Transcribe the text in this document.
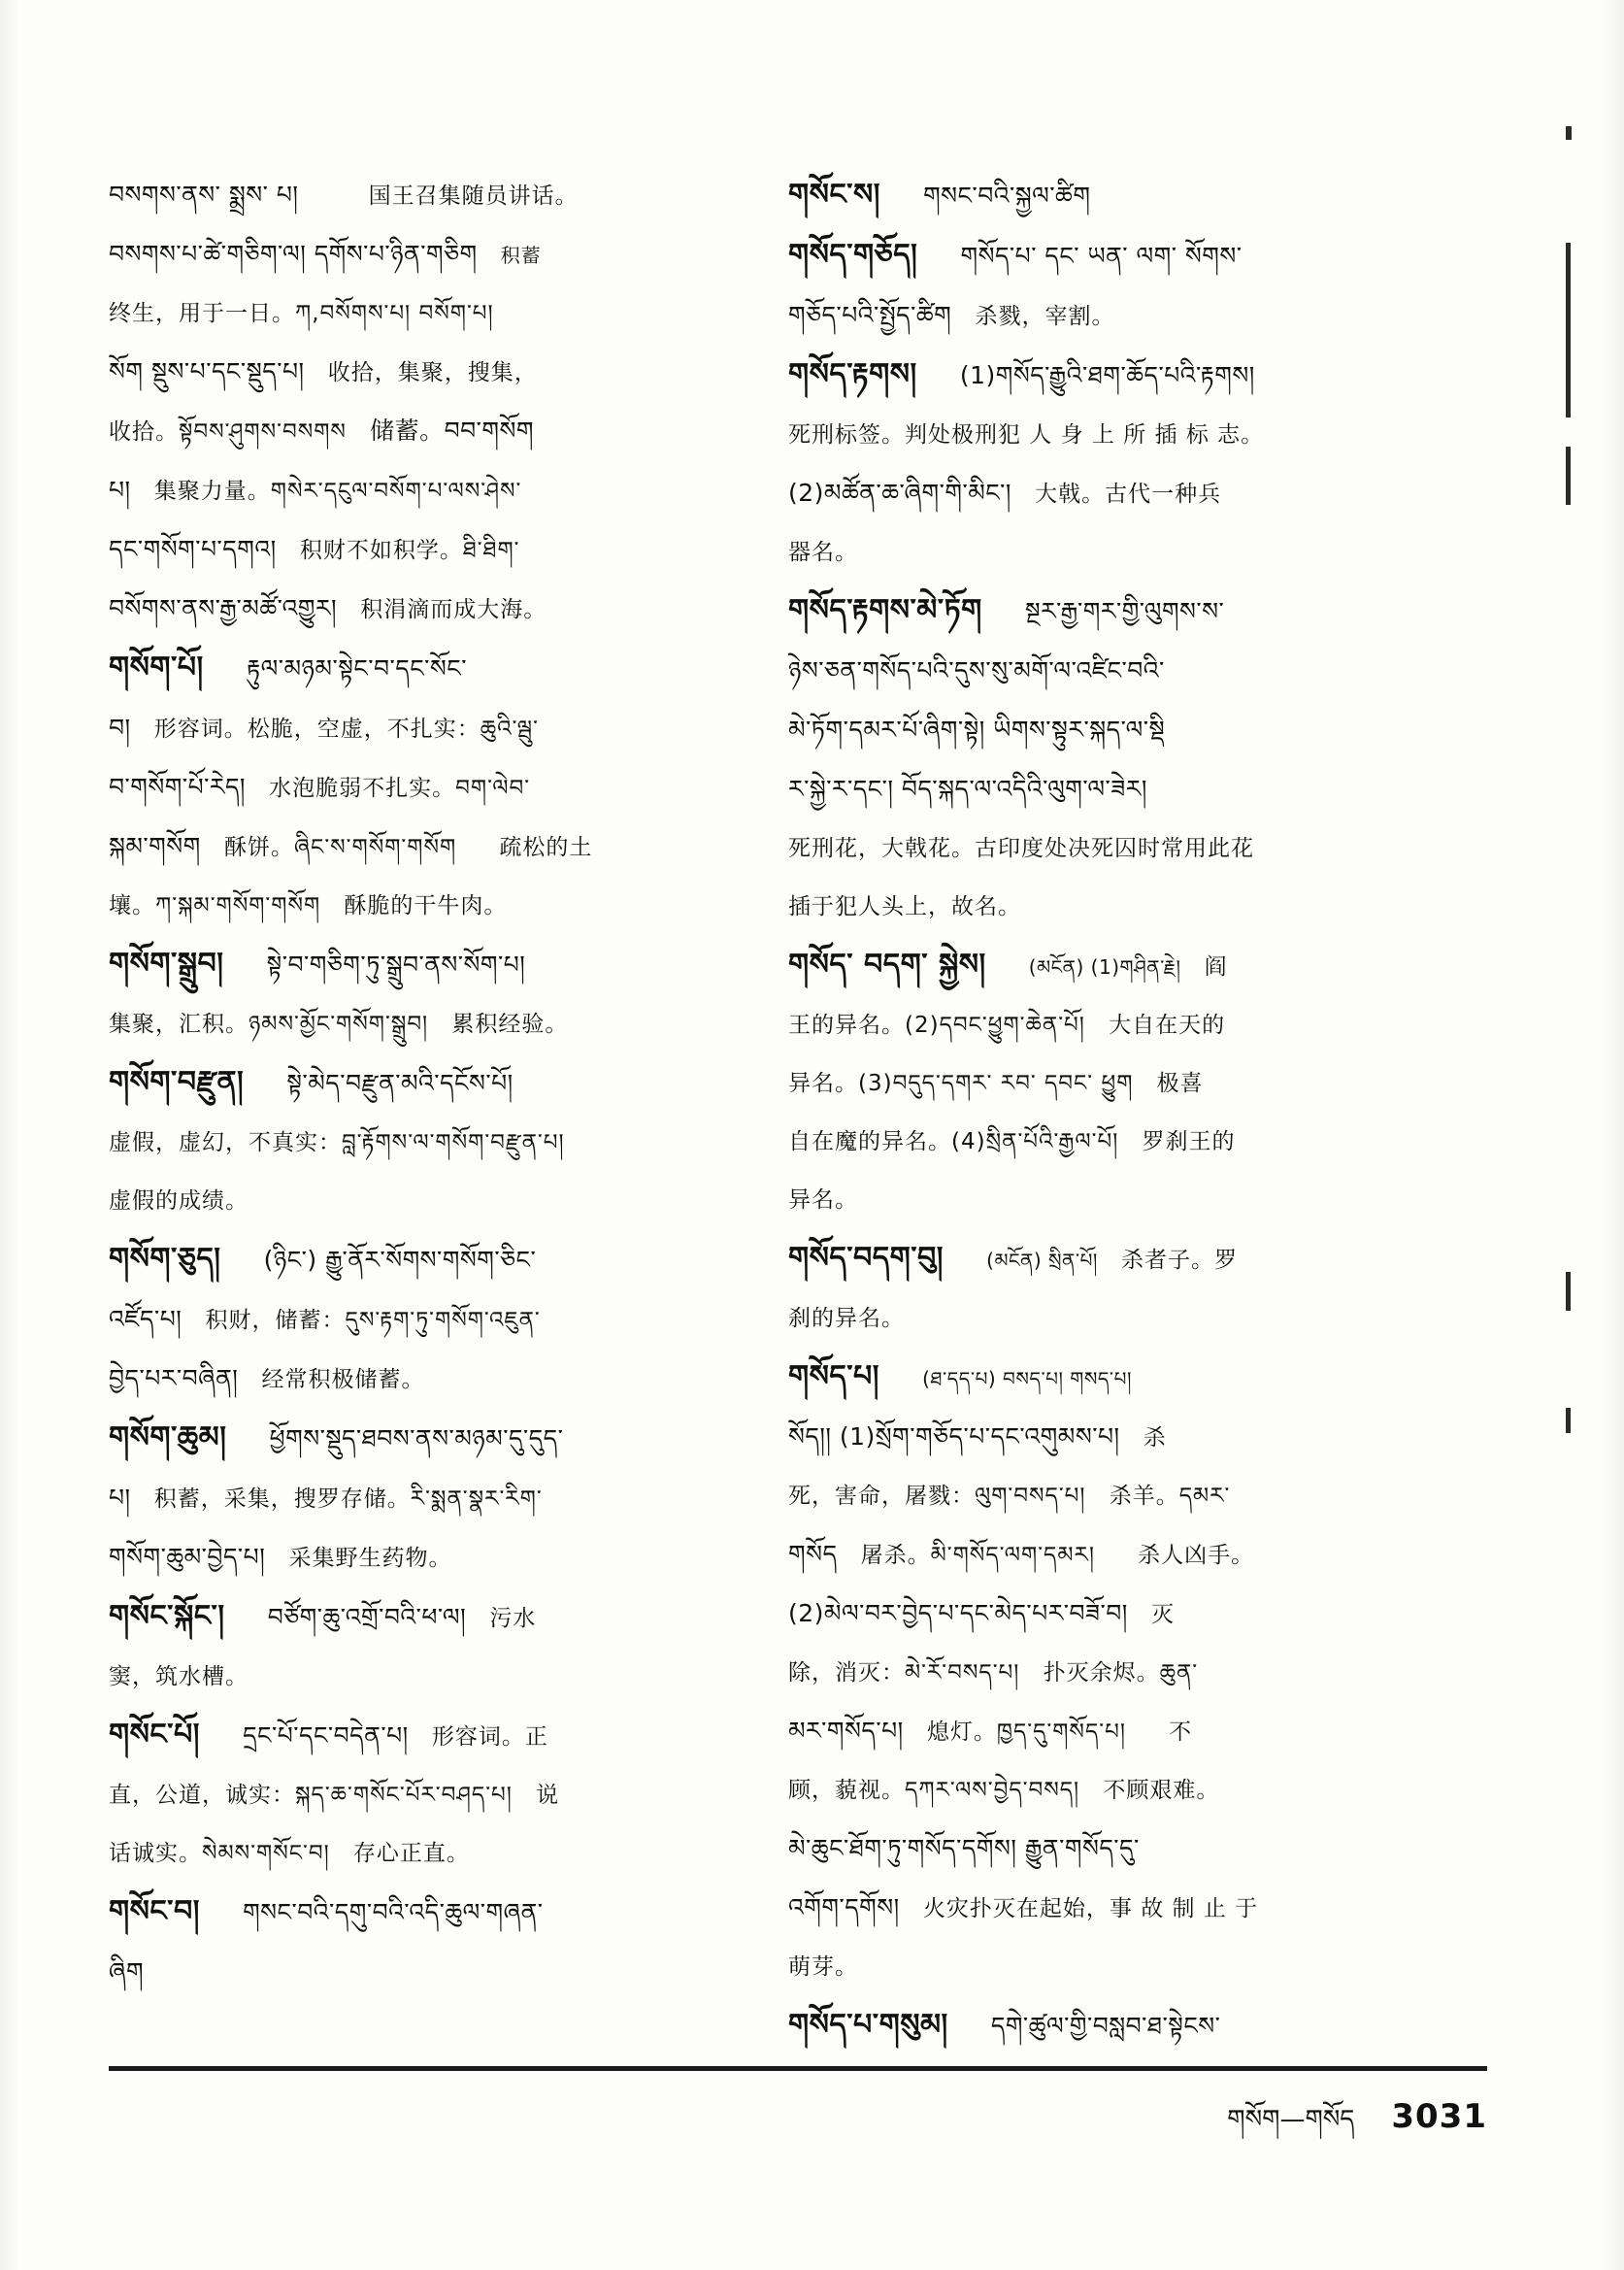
བསགས་ནས་ སྨྲས་ པ།	国王召集随员讲话。
བསགས་པ་ཚེ་གཅིག་ལ། དགོས་པ་ཉིན་གཅིག 积蓄
终生，用于一日。ཀ,བསོགས་པ། བསོག་པ།
སོག སྡུས་པ་དང་སྡུད་པ། 收拾，集聚，搜集，
收拾。སྟོབས་ཤུགས་བསགས 储蓄。བབ་གསོག
པ། 集聚力量。གསེར་དངུལ་བསོག་པ་ལས་ཤེས་
དང་གསོག་པ་དགའ། 积财不如积学。ཐི་ཐིག་
བསོགས་ནས་རྒྱ་མཚོ་འགྱུར། 积涓滴而成大海。
གསོག་པོ། རྟུལ་མཉམ་སྟེང་བ་དང་སོང་
བ། 形容词。松脆，空虚，不扎实：ཆུའི་ལྦུ་
བ་གསོག་པོ་རེད། 水泡脆弱不扎实。བག་ལེབ་
སྐམ་གསོག 酥饼。ཞིང་ས་གསོག་གསོག 疏松的土
壤。ཀ་སྐམ་གསོག་གསོག 酥脆的干牛肉。
གསོག་སྒྲུབ། སྟེ་བ་གཅིག་ཏུ་སྒྲུབ་ནས་སོག་པ།
集聚，汇积。ཉམས་མྱོང་གསོག་སྒྲུབ། 累积经验。
གསོག་བརྫུན། སྟེ་མེད་བརྫུན་མའི་དངོས་པོ།
虚假，虚幻，不真实：བླ་རྟོགས་ལ་གསོག་བརྫུན་པ།
虚假的成绩。
གསོག་ཅུད། (ཉིང་) རྒྱུ་ནོར་སོགས་གསོག་ཅིང་
འཛོད་པ། 积财，储蓄：དུས་རྟག་ཏུ་གསོག་འཇུན་
བྱེད་པར་བཞིན། 经常积极储蓄。
གསོག་ཆུམ། ཕྱོགས་སྡུད་ཐབས་ནས་མཉམ་དུ་དུད་
པ། 积蓄，采集，搜罗存储。རི་སྨན་སྣར་རིག་
གསོག་ཆུམ་བྱེད་པ། 采集野生药物。
གསོང་སྐོང་། བཙོག་ཆུ་འགྲོ་བའི་ཕ་ལ། 污水
窦，筑水槽。
གསོང་པོ། དྲང་པོ་དང་བདེན་པ། 形容词。正
直，公道，诚实：སྐད་ཆ་གསོང་པོར་བཤད་པ། 说
话诚实。སེམས་གསོང་བ། 存心正直。
གསོང་བ། གསང་བའི་དགུ་བའི་འདི་ཆུལ་གཞན་
ཞིག
གསོང་ས། གསང་བའི་སྐྱལ་ཚིག
གསོད་གཅོད། གསོད་པ་ དང་ ཡན་ ལག་ སོགས་
གཅོད་པའི་སྤྱོད་ཚིག 杀戮，宰割。
གསོད་རྟགས། (1)གསོད་རྒྱུའི་ཐག་ཆོད་པའི་རྟགས།
死刑标签。判处极刑犯 人 身 上 所 插 标 志。
(2)མཚོན་ཆ་ཞིག་གི་མིང་། 大戟。古代一种兵
器名。
གསོད་རྟགས་མེ་ཏོག སྔར་རྒྱ་གར་གྱི་ལུགས་ས་
ཉེས་ཅན་གསོད་པའི་དུས་སུ་མགོ་ལ་འཛིང་བའི་
མེ་ཏོག་དམར་པོ་ཞིག་སྟེ། ཡིགས་སྟུར་སྐད་ལ་སྡི
ར་སྐྱེ་ར་དང་། བོད་སྐད་ལ་འདིའི་ལུག་ལ་ཟེར།
死刑花，大戟花。古印度处决死囚时常用此花
插于犯人头上，故名。
གསོད་ བདག་ སྐྱེས། (མངོན) (1)གཤིན་རྗེ། 阎
王的异名。(2)དབང་ཕྱུག་ཆེན་པོ། 大自在天的
异名。(3)བདུད་དགར་ རབ་ དབང་ ཕྱུག 极喜
自在魔的异名。(4)སྲིན་པོའི་རྒྱལ་པོ། 罗刹王的
异名。
གསོད་བདག་བུ། (མངོན) སྲིན་པོ། 杀者子。罗
刹的异名。
གསོད་པ། (ཐ་དད་པ) བསད་པ། གསད་པ།
སོད།། (1)སྲོག་གཅོད་པ་དང་འགུམས་པ། 杀
死，害命，屠戮：ལུག་བསད་པ། 杀羊。དམར་
གསོད 屠杀。མི་གསོད་ལག་དམར། 杀人凶手。
(2)མེལ་བར་བྱེད་པ་དང་མེད་པར་བཟོ་བ། 灭
除，消灭：མེ་རོ་བསད་པ། 扑灭余烬。ཆུན་
མར་གསོད་པ། 熄灯。ཁྱད་དུ་གསོད་པ། 不
顾，藐视。དཀར་ལས་བྱེད་བསད། 不顾艰难。
མེ་ཆུང་ཐོག་ཏུ་གསོད་དགོས། རྒྱུན་གསོད་དུ་
འགོག་དགོས། 火灾扑灭在起始，事 故 制 止 于
萌芽。
གསོད་པ་གསུམ། དགེ་ཚུལ་གྱི་བསླབ་ཐ་སྟེངས་
གསོག—གསོད 3031
